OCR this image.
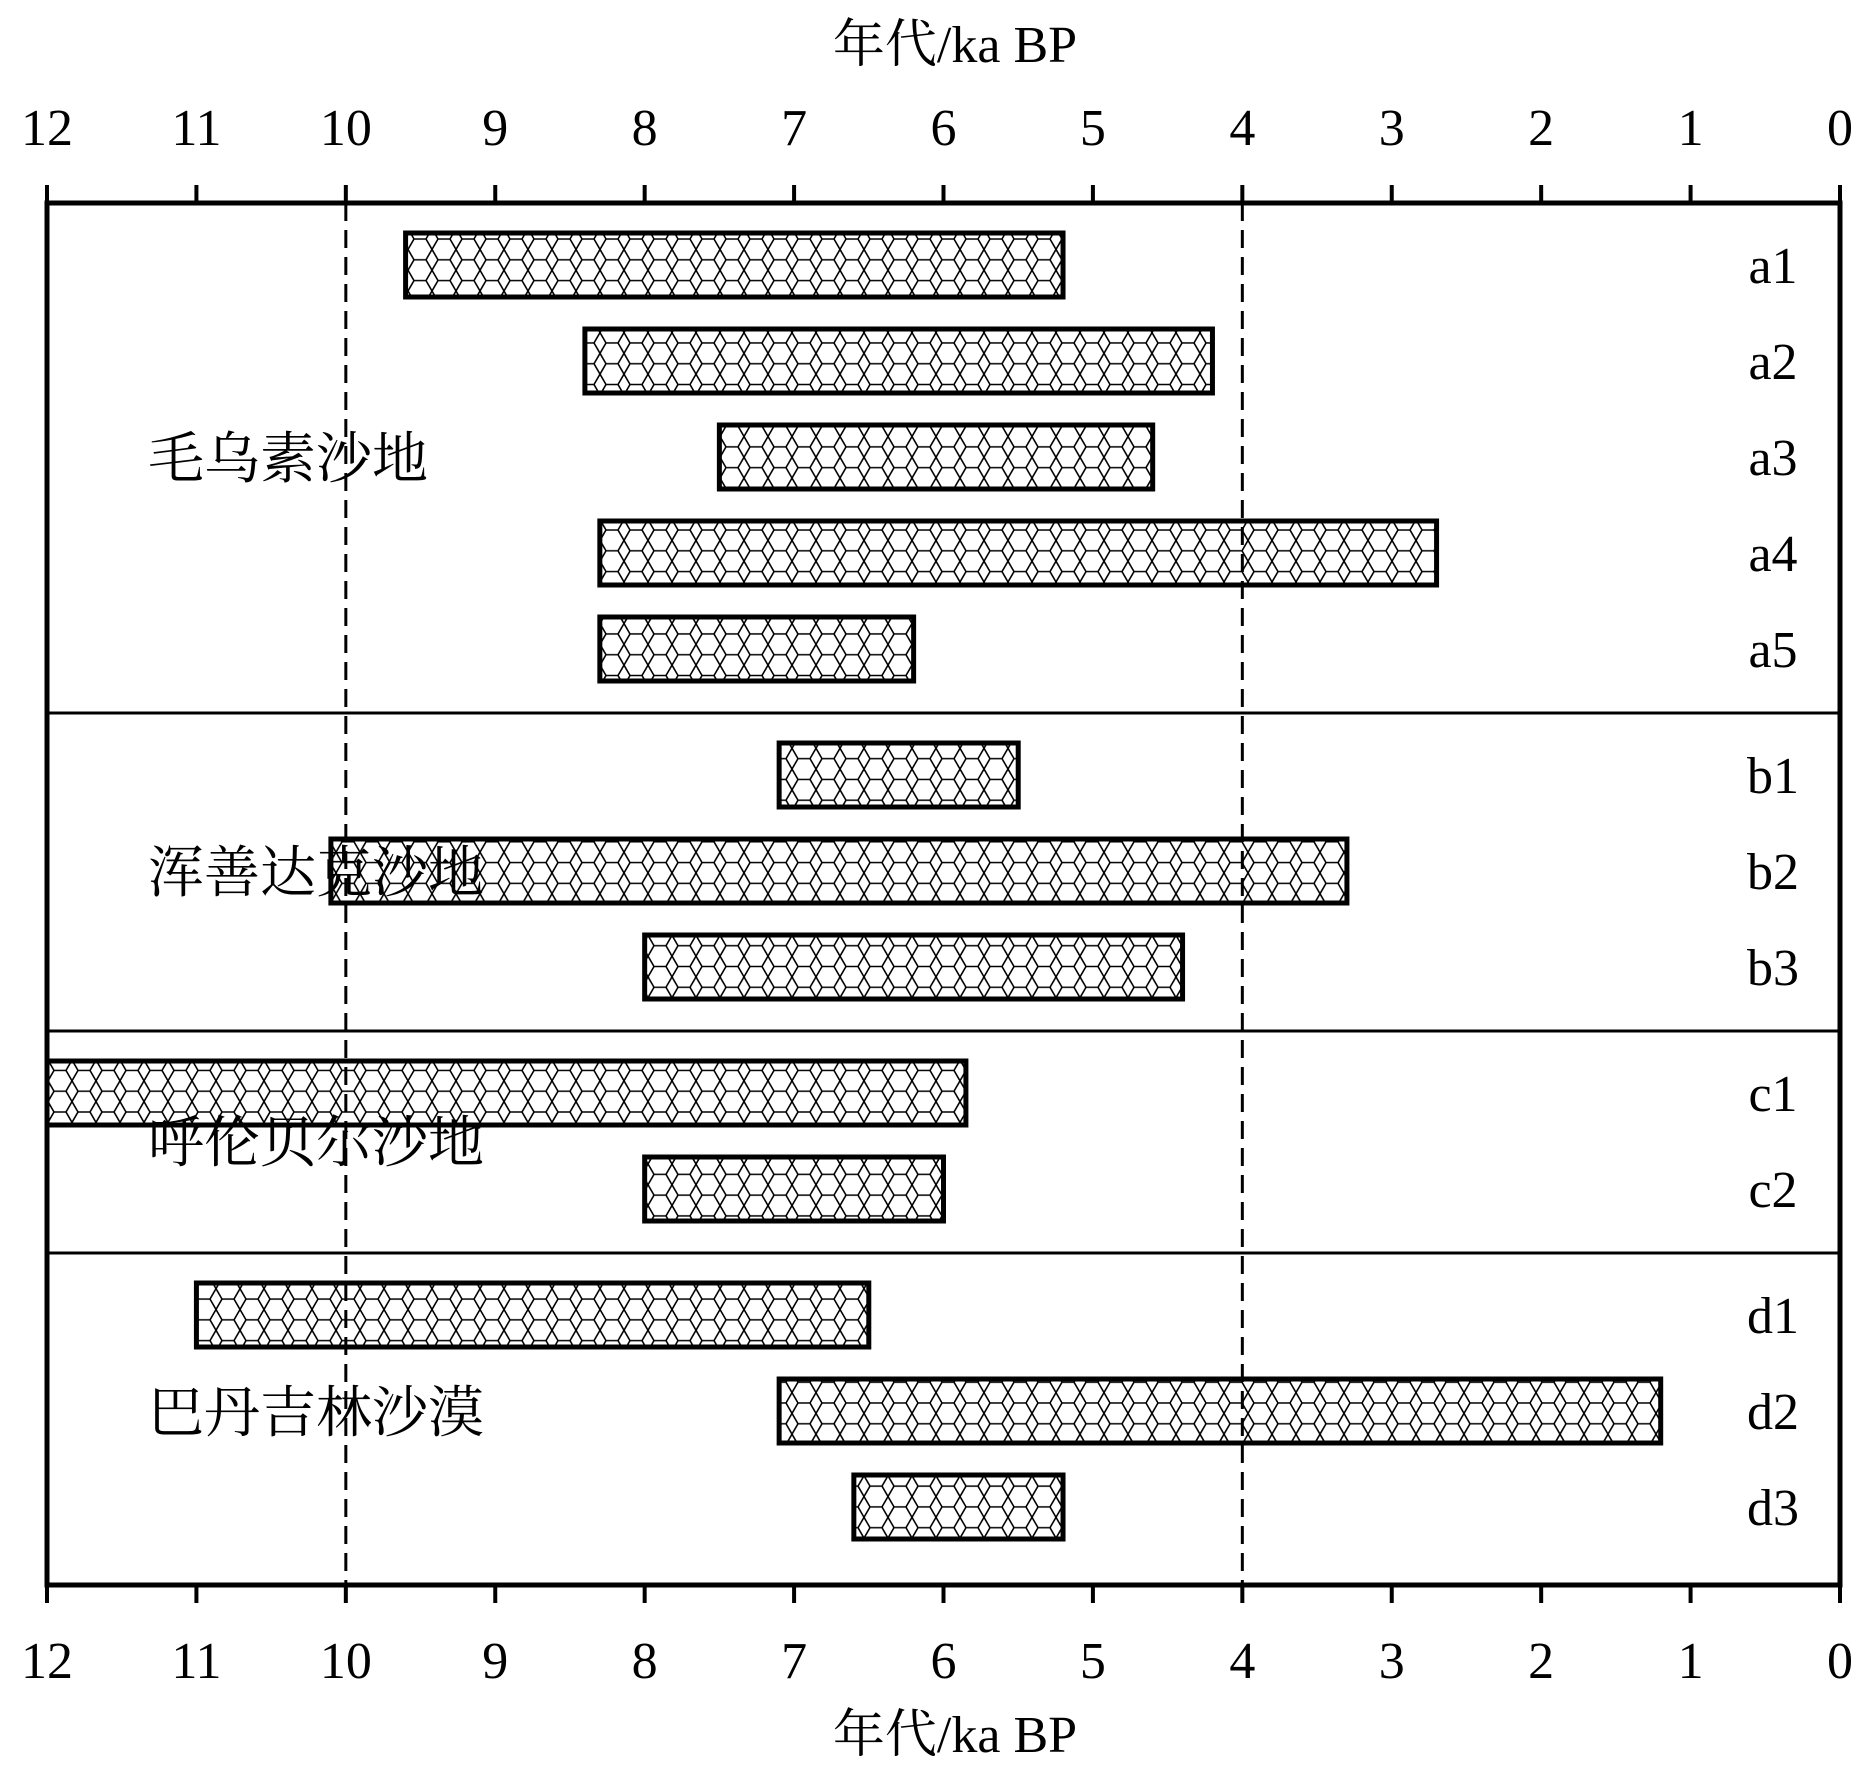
年代/ka BP
年代/ka BP
12
12
11
11
10
10
9
9
8
8
7
7
6
6
5
5
4
4
3
3
2
2
1
1
0
0
a1
a2
a3
a4
a5
毛乌素沙地
b1
b2
b3
浑善达克沙地
c1
c2
呼伦贝尔沙地
d1
d2
d3
巴丹吉林沙漠
